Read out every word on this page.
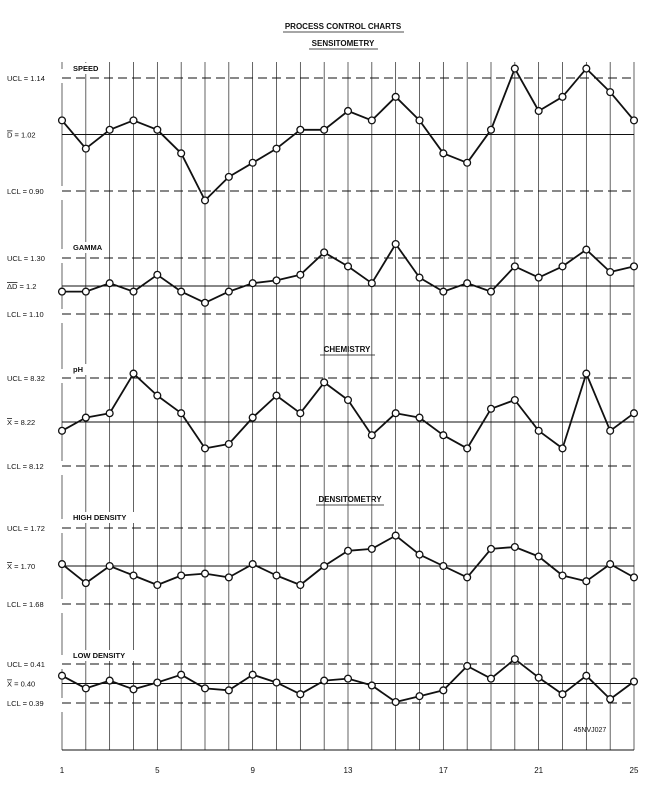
PROCESS CONTROL CHARTS
SENSITOMETRY
CHEMISTRY
DENSITOMETRY
45NVJ027
UCL = 1.14
D = 1.02
LCL = 0.90
SPEED
UCL = 1.30
ΔD = 1.2
LCL = 1.10
GAMMA
UCL = 8.32
X = 8.22
LCL = 8.12
pH
UCL = 1.72
X = 1.70
LCL = 1.68
HIGH DENSITY
UCL = 0.41
X = 0.40
LCL = 0.39
LOW DENSITY
1	5	9	13	17	21	25
